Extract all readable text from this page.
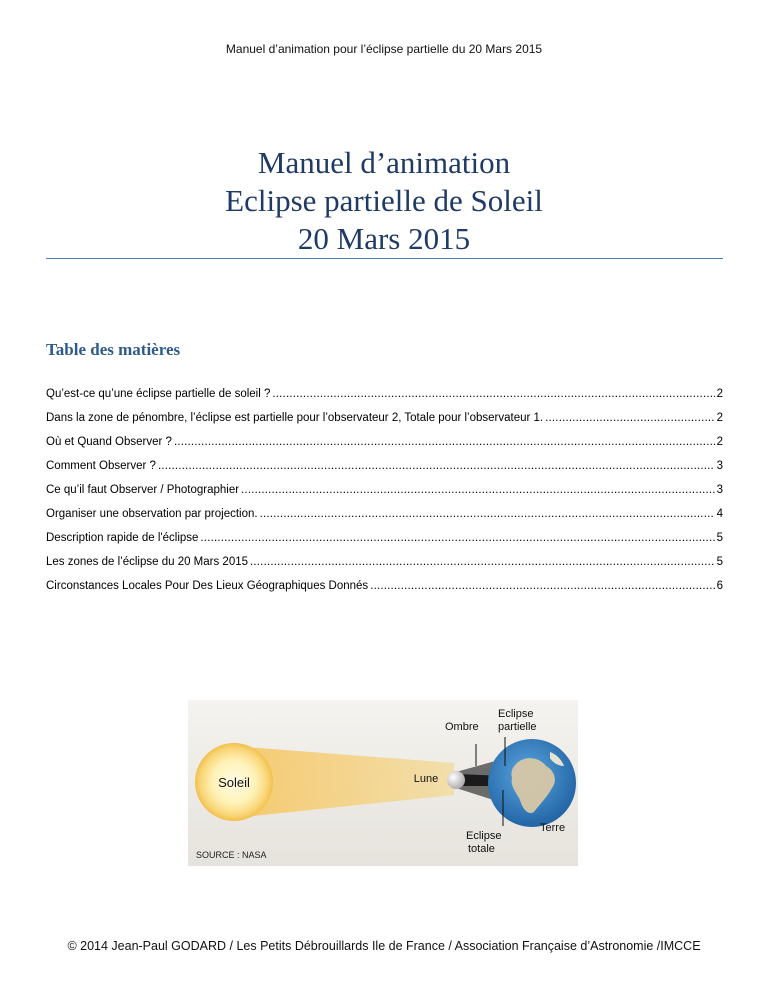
Manuel d’animation pour l’éclipse partielle du 20 Mars 2015
Manuel d’animation
Eclipse partielle de Soleil
20 Mars 2015
Table des matières
Qu’est-ce qu’une éclipse partielle de soleil ? . . .	2
Dans la zone de pénombre, l’éclipse est partielle pour l’observateur 2, Totale pour l’observateur 1. . . .	2
Où et Quand Observer ? . . .	2
Comment Observer ? . . .	3
Ce qu’il faut Observer / Photographier . . .	3
Organiser une observation par projection. . . .	4
Description rapide de l'éclipse . . .	5
Les zones de l’éclipse du 20 Mars 2015 . . .	5
Circonstances Locales Pour Des Lieux Géographiques Donnés . . .	6
Soleil	Lune
Eclipse
partielle
Ombre
Terre
Eclipse
totale
SOURCE : NASA
© 2014 Jean-Paul GODARD / Les Petits Débrouillards Ile de France / Association Française d’Astronomie /IMCCE
